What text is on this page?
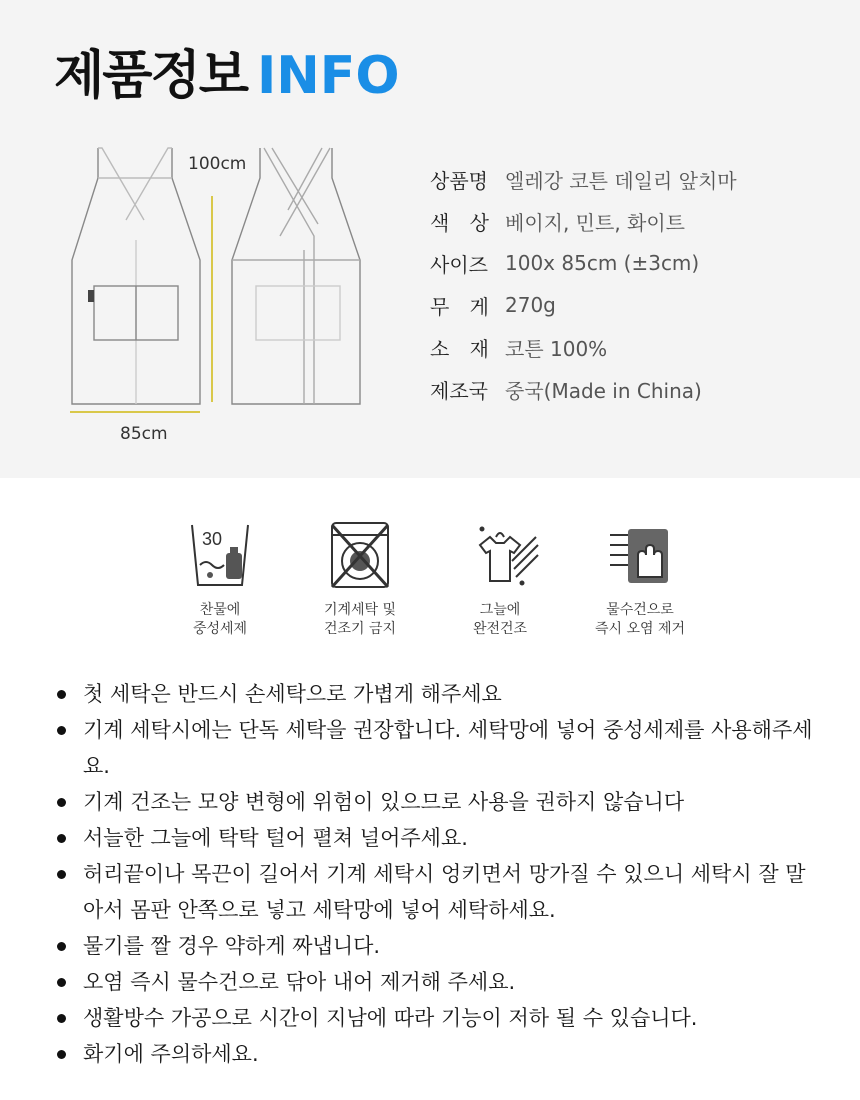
제품정보 INFO
100cm
85cm
상품명 엘레강 코튼 데일리 앞치마
색 상 베이지, 민트, 화이트
사이즈 100x 85cm (±3cm)
무 게 270g
소 재 코튼 100%
제조국 중국(Made in China)
30
찬물에
중성세제
기계세탁 및
건조기 금지
그늘에
완전건조
물수건으로
즉시 오염 제거
첫 세탁은 반드시 손세탁으로 가볍게 해주세요
기계 세탁시에는 단독 세탁을 권장합니다. 세탁망에 넣어 중성세제를 사용해주세요.
기계 건조는 모양 변형에 위험이 있으므로 사용을 권하지 않습니다
서늘한 그늘에 탁탁 털어 펼쳐 널어주세요.
허리끝이나 목끈이 길어서 기계 세탁시 엉키면서 망가질 수 있으니 세탁시 잘 말아서 몸판 안쪽으로 넣고 세탁망에 넣어 세탁하세요.
물기를 짤 경우 약하게 짜냅니다.
오염 즉시 물수건으로 닦아 내어 제거해 주세요.
생활방수 가공으로 시간이 지남에 따라 기능이 저하 될 수 있습니다.
화기에 주의하세요.
